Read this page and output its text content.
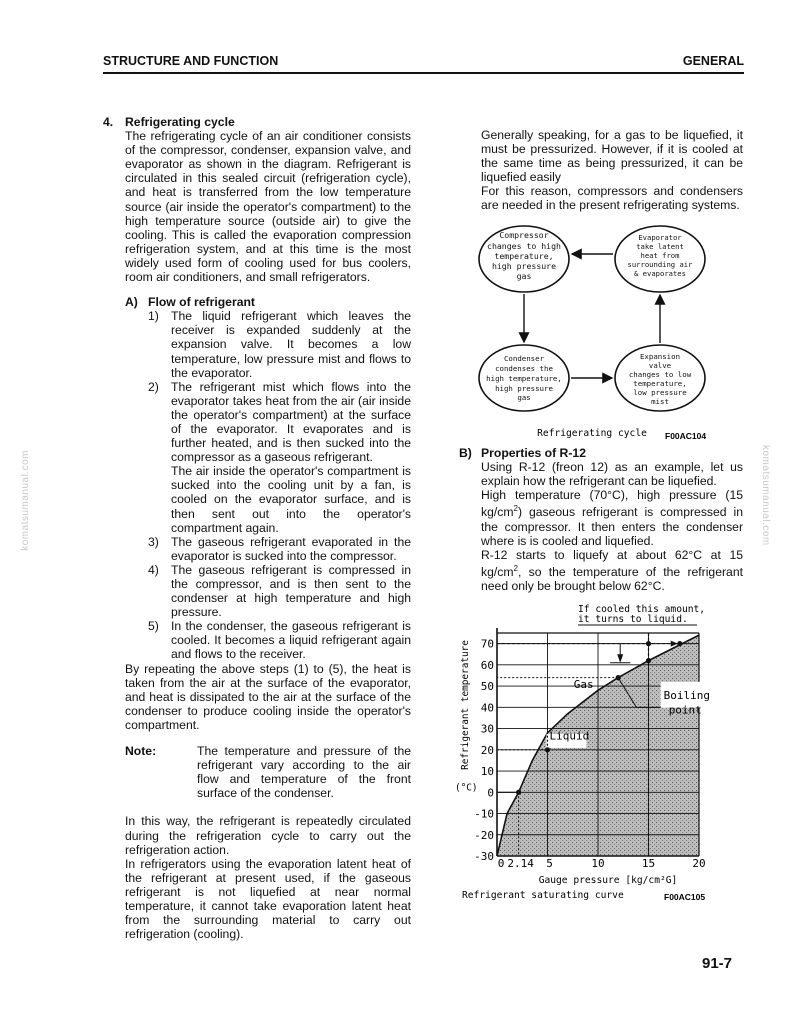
STRUCTURE AND FUNCTION	GENERAL
komatsumanual.com	komatsumanual.com
4. Refrigerating cycle

The refrigerating cycle of an air conditioner consists of the compressor, condenser, expansion valve, and evaporator as shown in the diagram. Refrigerant is circulated in this sealed circuit (refrigeration cycle), and heat is transferred from the low temperature source (air inside the operator's compartment) to the high temperature source (outside air) to give the cooling. This is called the evaporation compression refrigeration system, and at this time is the most widely used form of cooling used for bus coolers, room air conditioners, and small refrigerators.

A) Flow of refrigerant
1) The liquid refrigerant which leaves the receiver is expanded suddenly at the expansion valve. It becomes a low temperature, low pressure mist and flows to the evaporator.
2) The refrigerant mist which flows into the evaporator takes heat from the air (air inside the operator's compartment) at the surface of the evaporator. It evaporates and is further heated, and is then sucked into the compressor as a gaseous refrigerant.
The air inside the operator's compartment is sucked into the cooling unit by a fan, is cooled on the evaporator surface, and is then sent out into the operator's compartment again.
3) The gaseous refrigerant evaporated in the evaporator is sucked into the compressor.
4) The gaseous refrigerant is compressed in the compressor, and is then sent to the condenser at high temperature and high pressure.
5) In the condenser, the gaseous refrigerant is cooled. It becomes a liquid refrigerant again and flows to the receiver.

By repeating the above steps (1) to (5), the heat is taken from the air at the surface of the evaporator, and heat is dissipated to the air at the surface of the condenser to produce cooling inside the operator's compartment.

Note:	The temperature and pressure of the refrigerant vary according to the air flow and temperature of the front surface of the condenser.

In this way, the refrigerant is repeatedly circulated during the refrigeration cycle to carry out the refrigeration action.

In refrigerators using the evaporation latent heat of the refrigerant at present used, if the gaseous refrigerant is not liquefied at near normal temperature, it cannot take evaporation latent heat from the surrounding material to carry out refrigeration (cooling).

Generally speaking, for a gas to be liquefied, it must be pressurized. However, if it is cooled at the same time as being pressurized, it can be liquefied easily

For this reason, compressors and condensers are needed in the present refrigerating systems.

Compressor
changes to high
temperature,
high pressure
gas
Evaporator
take latent
heat from
surrounding air
& evaporates
Condenser
condenses the
high temperature,
high pressure
gas
Expansion
valve
changes to low
temperature,
low pressure
mist
Refrigerating cycle F00AC104
B) Properties of R-12

Using R-12 (freon 12) as an example, let us explain how the refrigerant can be liquefied.

High temperature (70°C), high pressure (15 $kg/cm^2$) gaseous refrigerant is compressed in the compressor. It then enters the condenser where is is cooled and liquefied.

R-12 starts to liquefy at about 62°C at 15 $kg/cm^2$, so the temperature of the refrigerant need only be brought below 62°C.

70
60
50
40
30
20
10
0
-10
-20
-30
0 2.14 5	10	15	20
Gauge pressure [kg/cm²G]
Refrigerant temperature
(°C)
Refrigerant saturating curve	F00AC105
Gas
Liquid
Boiling
point
If cooled this amount,
it turns to liquid.
91-7
